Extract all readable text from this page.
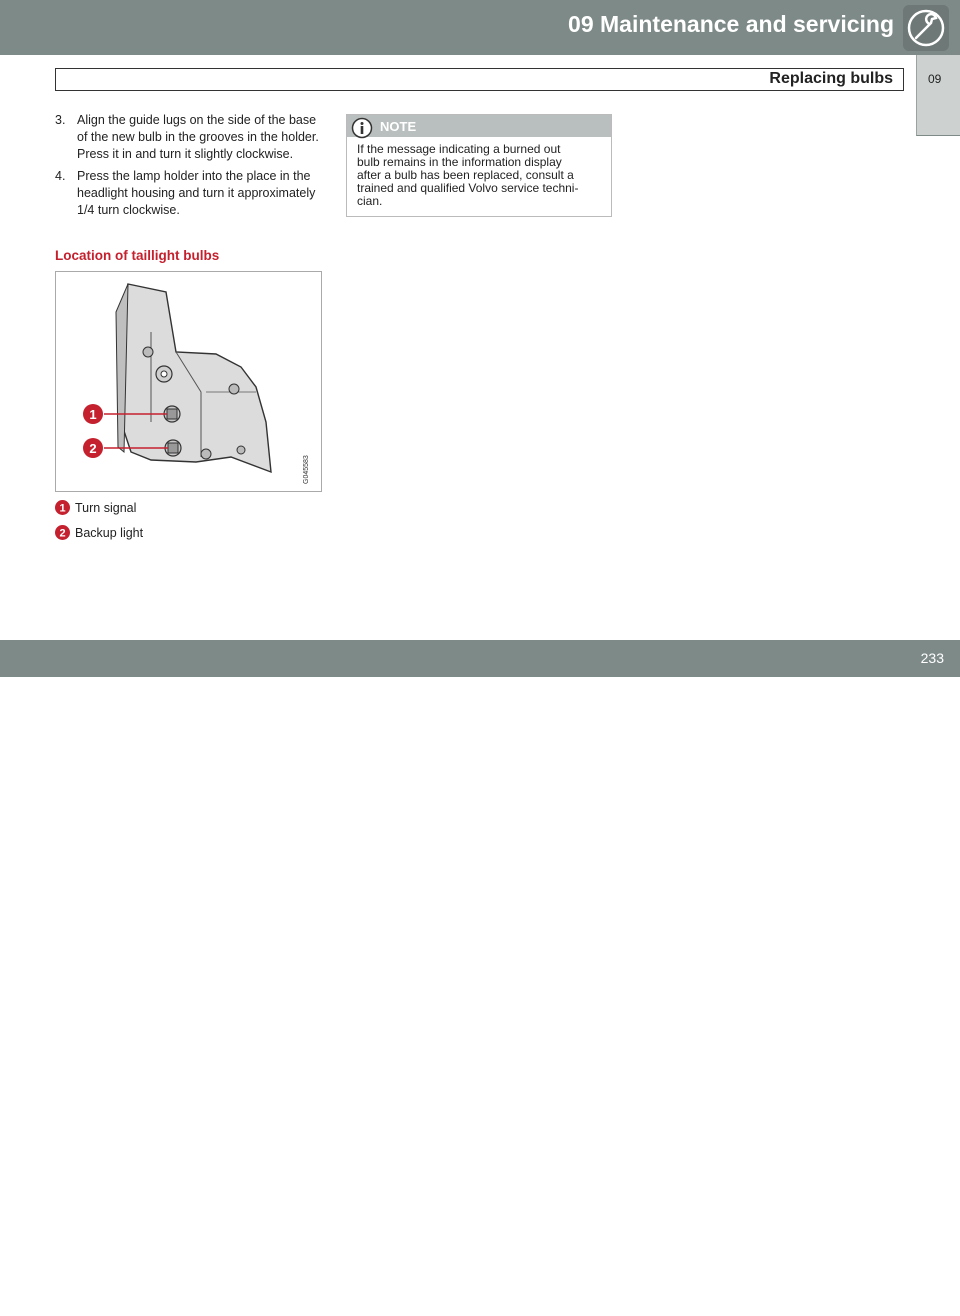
09 Maintenance and servicing
Replacing bulbs	09
3. Align the guide lugs on the side of the base of the new bulb in the grooves in the holder. Press it in and turn it slightly clockwise.
4. Press the lamp holder into the place in the headlight housing and turn it approximately 1/4 turn clockwise.
Location of taillight bulbs
1
2
G045583
1 Turn signal
2 Backup light
NOTE
If the message indicating a burned out
bulb remains in the information display
after a bulb has been replaced, consult a
trained and qualified Volvo service techni-
cian.
carmanualsonline.info
233
